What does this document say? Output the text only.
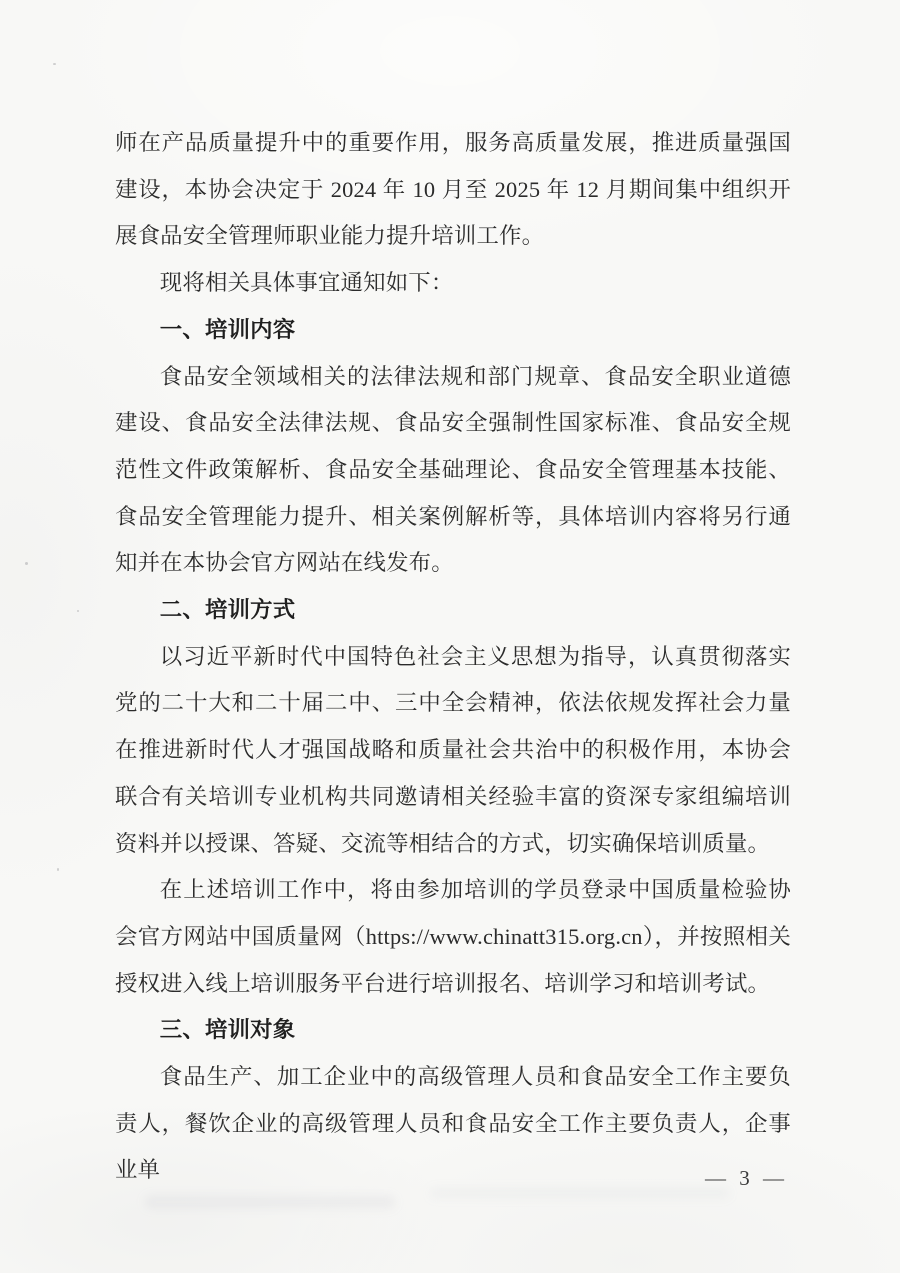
师在产品质量提升中的重要作用，服务高质量发展，推进质量强国建设，本协会决定于 2024 年 10 月至 2025 年 12 月期间集中组织开展食品安全管理师职业能力提升培训工作。

现将相关具体事宜通知如下：

一、培训内容

食品安全领域相关的法律法规和部门规章、食品安全职业道德建设、食品安全法律法规、食品安全强制性国家标准、食品安全规范性文件政策解析、食品安全基础理论、食品安全管理基本技能、食品安全管理能力提升、相关案例解析等，具体培训内容将另行通知并在本协会官方网站在线发布。

二、培训方式

以习近平新时代中国特色社会主义思想为指导，认真贯彻落实党的二十大和二十届二中、三中全会精神，依法依规发挥社会力量在推进新时代人才强国战略和质量社会共治中的积极作用，本协会联合有关培训专业机构共同邀请相关经验丰富的资深专家组编培训资料并以授课、答疑、交流等相结合的方式，切实确保培训质量。

在上述培训工作中，将由参加培训的学员登录中国质量检验协会官方网站中国质量网（https://www.chinatt315.org.cn），并按照相关授权进入线上培训服务平台进行培训报名、培训学习和培训考试。

三、培训对象

食品生产、加工企业中的高级管理人员和食品安全工作主要负责人，餐饮企业的高级管理人员和食品安全工作主要负责人，企事业单	— 3 —
